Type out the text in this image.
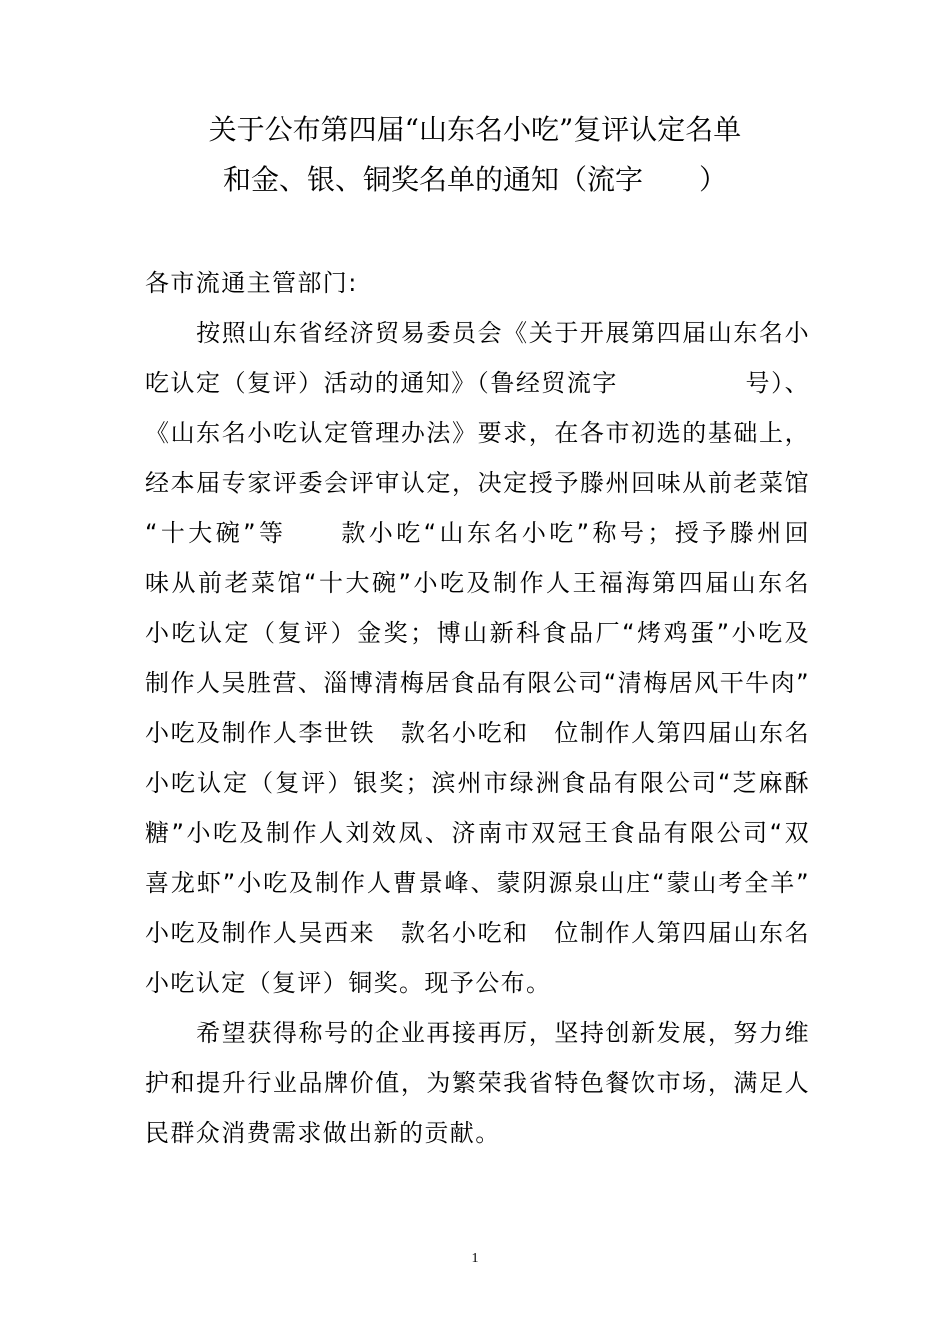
关于公布第四届“山东名小吃”复评认定名单
和金、银、铜奖名单的通知（流字　　）
各市流通主管部门:
　　按照山东省经济贸易委员会《关于开展第四届山东名小
吃认定（复评）活动的通知》（鲁经贸流字　　　　　号）、
《山东名小吃认定管理办法》要求，在各市初选的基础上，
经本届专家评委会评审认定，决定授予滕州回味从前老菜馆
“十大碗”等　　款小吃“山东名小吃”称号；授予滕州回
味从前老菜馆“十大碗”小吃及制作人王福海第四届山东名
小吃认定（复评）金奖；博山新科食品厂“烤鸡蛋”小吃及
制作人吴胜营、淄博清梅居食品有限公司“清梅居风干牛肉”
小吃及制作人李世铁　款名小吃和　位制作人第四届山东名
小吃认定（复评）银奖；滨州市绿洲食品有限公司“芝麻酥
糖”小吃及制作人刘效凤、济南市双冠王食品有限公司“双
喜龙虾”小吃及制作人曹景峰、蒙阴源泉山庄“蒙山考全羊”
小吃及制作人吴西来　款名小吃和　位制作人第四届山东名
小吃认定（复评）铜奖。现予公布。
　　希望获得称号的企业再接再厉，坚持创新发展，努力维
护和提升行业品牌价值，为繁荣我省特色餐饮市场，满足人
民群众消费需求做出新的贡献。
1
